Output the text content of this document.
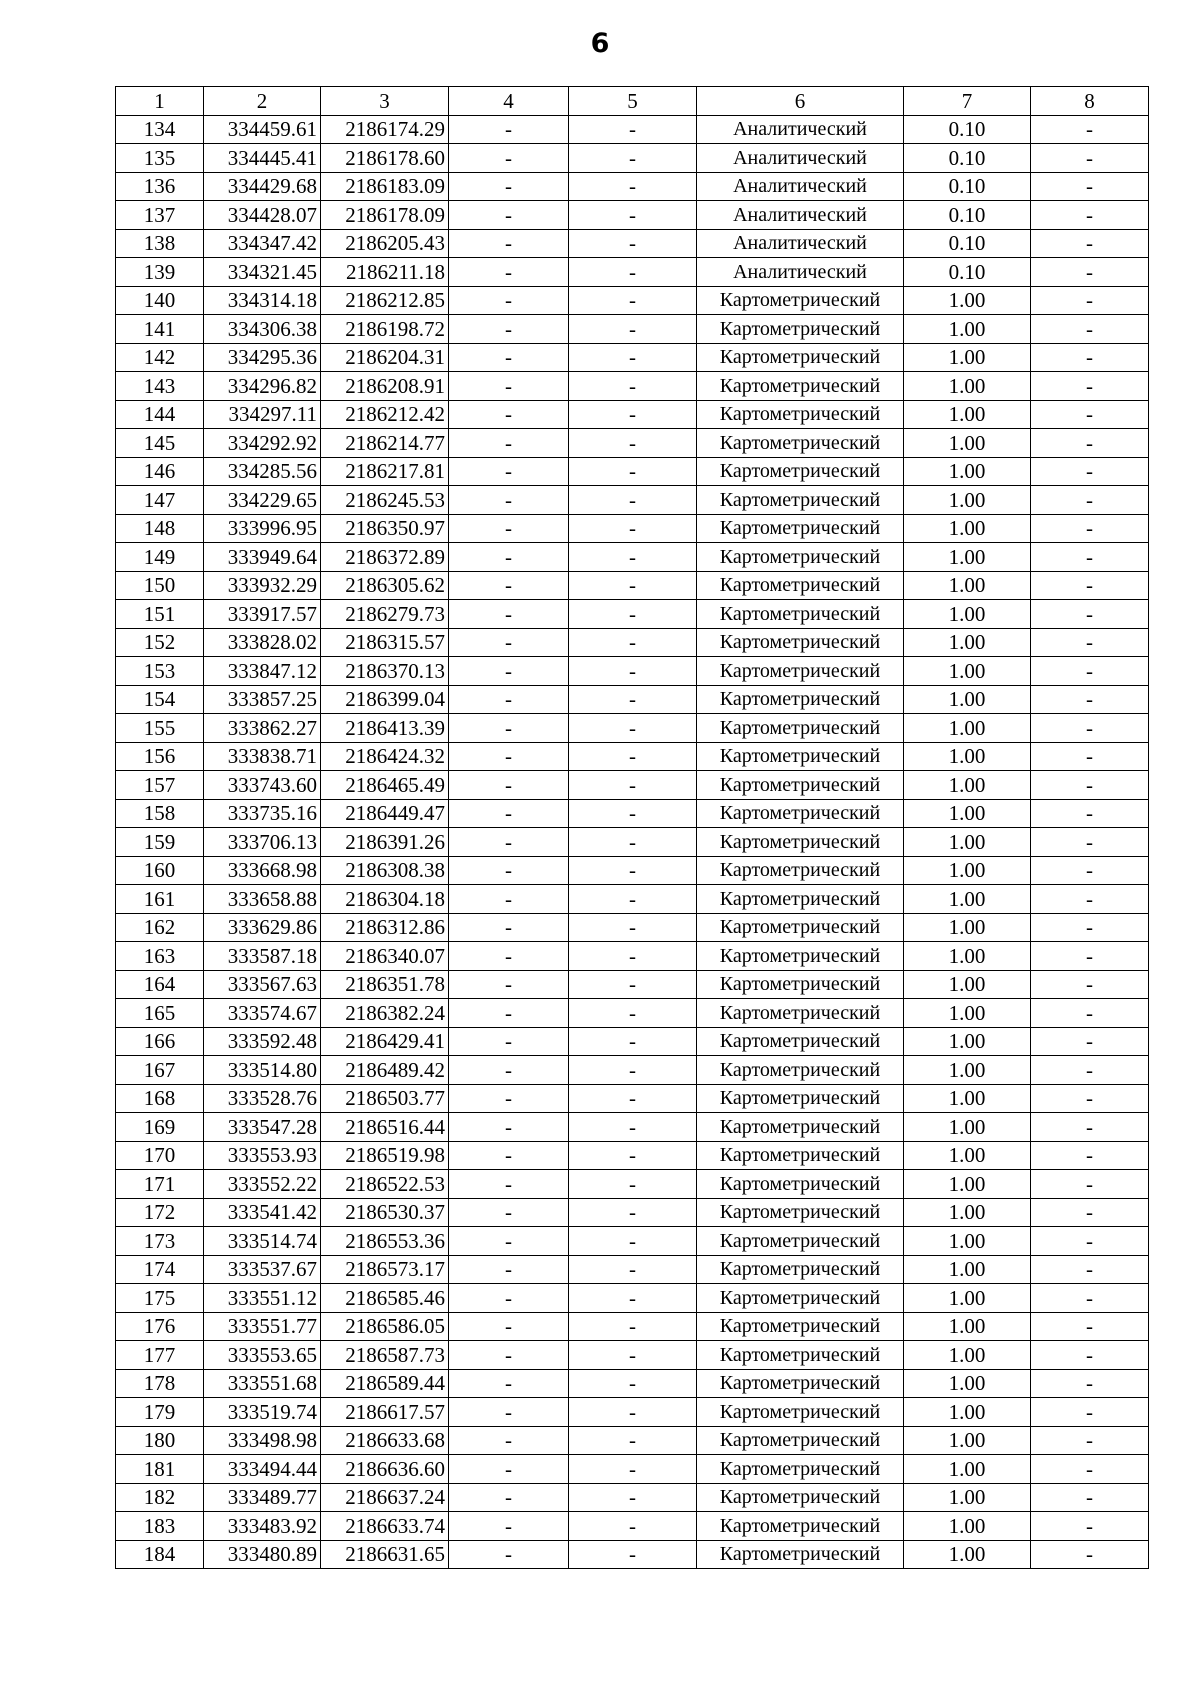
6
1	2	3	4	5	6	7	8
134	334459.61	2186174.29	-	-	Аналитический	0.10	-
135	334445.41	2186178.60	-	-	Аналитический	0.10	-
136	334429.68	2186183.09	-	-	Аналитический	0.10	-
137	334428.07	2186178.09	-	-	Аналитический	0.10	-
138	334347.42	2186205.43	-	-	Аналитический	0.10	-
139	334321.45	2186211.18	-	-	Аналитический	0.10	-
140	334314.18	2186212.85	-	-	Картометрический	1.00	-
141	334306.38	2186198.72	-	-	Картометрический	1.00	-
142	334295.36	2186204.31	-	-	Картометрический	1.00	-
143	334296.82	2186208.91	-	-	Картометрический	1.00	-
144	334297.11	2186212.42	-	-	Картометрический	1.00	-
145	334292.92	2186214.77	-	-	Картометрический	1.00	-
146	334285.56	2186217.81	-	-	Картометрический	1.00	-
147	334229.65	2186245.53	-	-	Картометрический	1.00	-
148	333996.95	2186350.97	-	-	Картометрический	1.00	-
149	333949.64	2186372.89	-	-	Картометрический	1.00	-
150	333932.29	2186305.62	-	-	Картометрический	1.00	-
151	333917.57	2186279.73	-	-	Картометрический	1.00	-
152	333828.02	2186315.57	-	-	Картометрический	1.00	-
153	333847.12	2186370.13	-	-	Картометрический	1.00	-
154	333857.25	2186399.04	-	-	Картометрический	1.00	-
155	333862.27	2186413.39	-	-	Картометрический	1.00	-
156	333838.71	2186424.32	-	-	Картометрический	1.00	-
157	333743.60	2186465.49	-	-	Картометрический	1.00	-
158	333735.16	2186449.47	-	-	Картометрический	1.00	-
159	333706.13	2186391.26	-	-	Картометрический	1.00	-
160	333668.98	2186308.38	-	-	Картометрический	1.00	-
161	333658.88	2186304.18	-	-	Картометрический	1.00	-
162	333629.86	2186312.86	-	-	Картометрический	1.00	-
163	333587.18	2186340.07	-	-	Картометрический	1.00	-
164	333567.63	2186351.78	-	-	Картометрический	1.00	-
165	333574.67	2186382.24	-	-	Картометрический	1.00	-
166	333592.48	2186429.41	-	-	Картометрический	1.00	-
167	333514.80	2186489.42	-	-	Картометрический	1.00	-
168	333528.76	2186503.77	-	-	Картометрический	1.00	-
169	333547.28	2186516.44	-	-	Картометрический	1.00	-
170	333553.93	2186519.98	-	-	Картометрический	1.00	-
171	333552.22	2186522.53	-	-	Картометрический	1.00	-
172	333541.42	2186530.37	-	-	Картометрический	1.00	-
173	333514.74	2186553.36	-	-	Картометрический	1.00	-
174	333537.67	2186573.17	-	-	Картометрический	1.00	-
175	333551.12	2186585.46	-	-	Картометрический	1.00	-
176	333551.77	2186586.05	-	-	Картометрический	1.00	-
177	333553.65	2186587.73	-	-	Картометрический	1.00	-
178	333551.68	2186589.44	-	-	Картометрический	1.00	-
179	333519.74	2186617.57	-	-	Картометрический	1.00	-
180	333498.98	2186633.68	-	-	Картометрический	1.00	-
181	333494.44	2186636.60	-	-	Картометрический	1.00	-
182	333489.77	2186637.24	-	-	Картометрический	1.00	-
183	333483.92	2186633.74	-	-	Картометрический	1.00	-
184	333480.89	2186631.65	-	-	Картометрический	1.00	-
